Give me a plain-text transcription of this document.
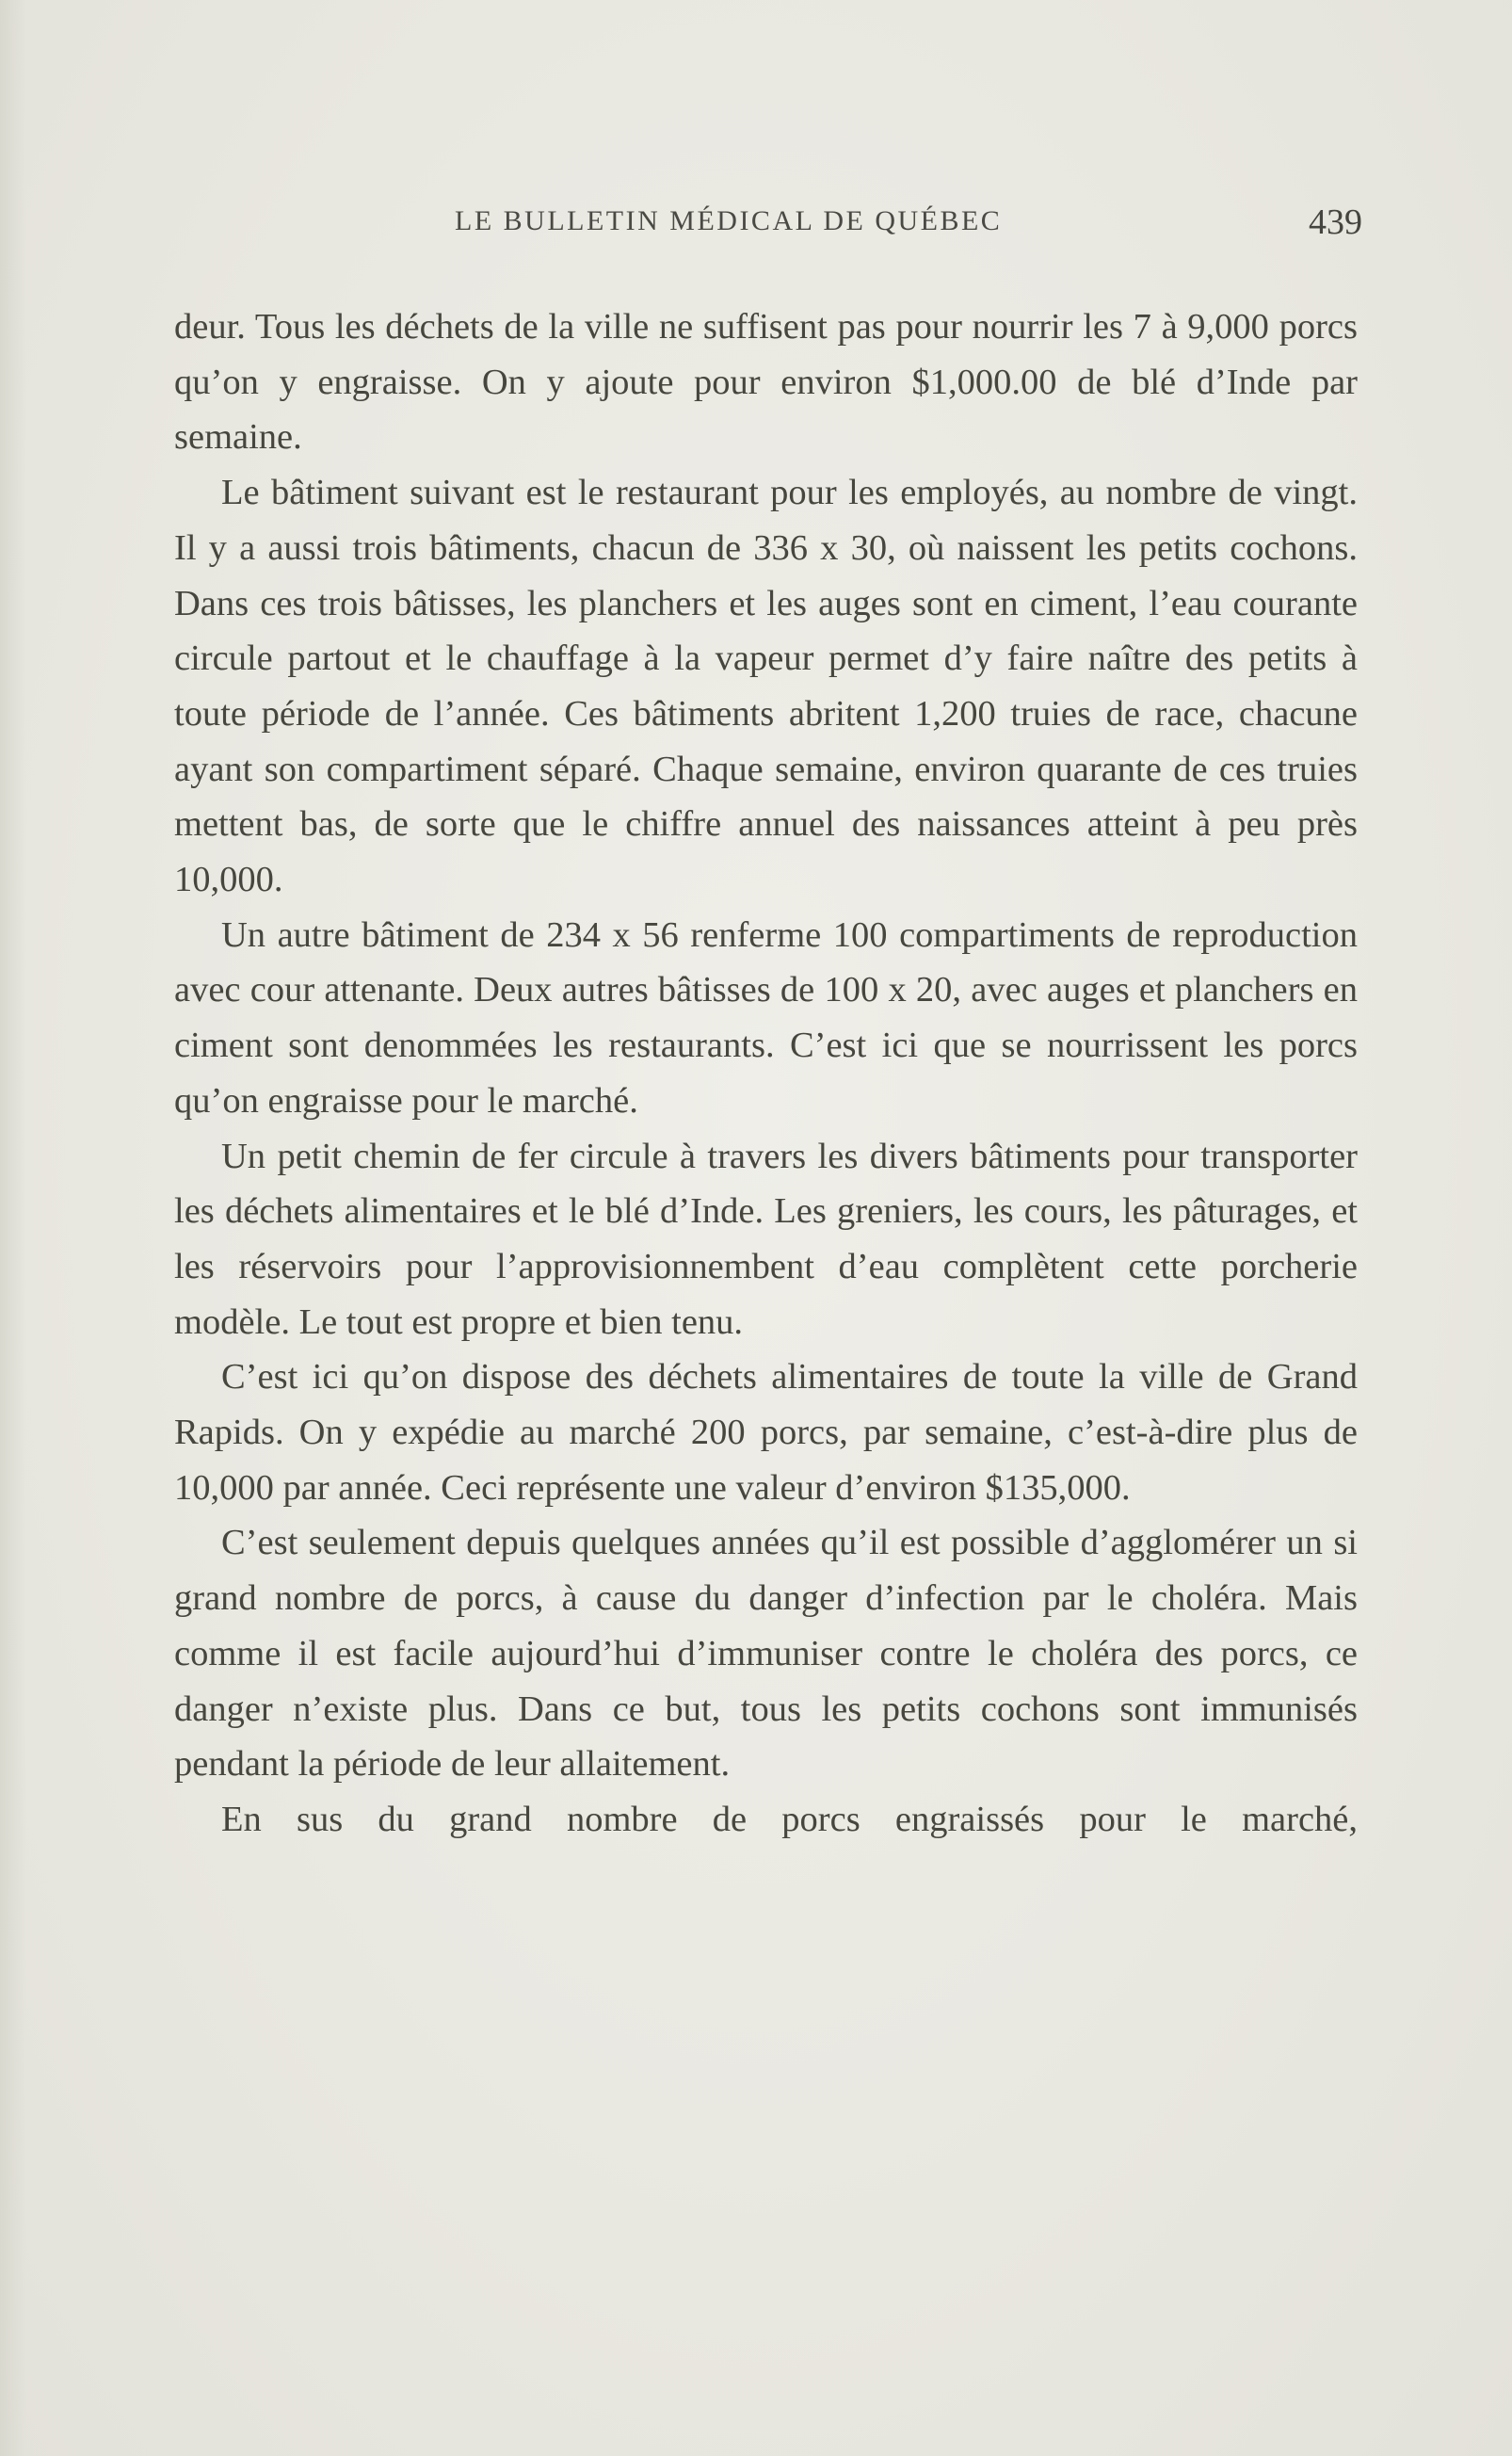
LE BULLETIN MÉDICAL DE QUÉBEC	439

deur. Tous les déchets de la ville ne suffisent pas pour nourrir les 7 à 9,000 porcs qu’on y engraisse. On y ajoute pour environ $1,000.00 de blé d’Inde par semaine.

Le bâtiment suivant est le restaurant pour les employés, au nombre de vingt. Il y a aussi trois bâtiments, chacun de 336 x 30, où naissent les petits cochons. Dans ces trois bâtisses, les planchers et les auges sont en ciment, l’eau courante circule partout et le chauffage à la vapeur permet d’y faire naître des petits à toute période de l’année. Ces bâtiments abritent 1,200 truies de race, chacune ayant son compartiment séparé. Chaque semaine, environ quarante de ces truies mettent bas, de sorte que le chiffre annuel des naissances atteint à peu près 10,000.

Un autre bâtiment de 234 x 56 renferme 100 compartiments de reproduction avec cour attenante. Deux autres bâtisses de 100 x 20, avec auges et planchers en ciment sont denommées les restaurants. C’est ici que se nourrissent les porcs qu’on engraisse pour le marché.

Un petit chemin de fer circule à travers les divers bâtiments pour transporter les déchets alimentaires et le blé d’Inde. Les greniers, les cours, les pâturages, et les réservoirs pour l’approvisionnembent d’eau complètent cette porcherie modèle. Le tout est propre et bien tenu.

C’est ici qu’on dispose des déchets alimentaires de toute la ville de Grand Rapids. On y expédie au marché 200 porcs, par semaine, c’est-à-dire plus de 10,000 par année. Ceci représente une valeur d’environ $135,000.

C’est seulement depuis quelques années qu’il est possible d’agglomérer un si grand nombre de porcs, à cause du danger d’infection par le choléra. Mais comme il est facile aujourd’hui d’immuniser contre le choléra des porcs, ce danger n’existe plus. Dans ce but, tous les petits cochons sont immunisés pendant la période de leur allaitement.

En sus du grand nombre de porcs engraissés pour le marché,
